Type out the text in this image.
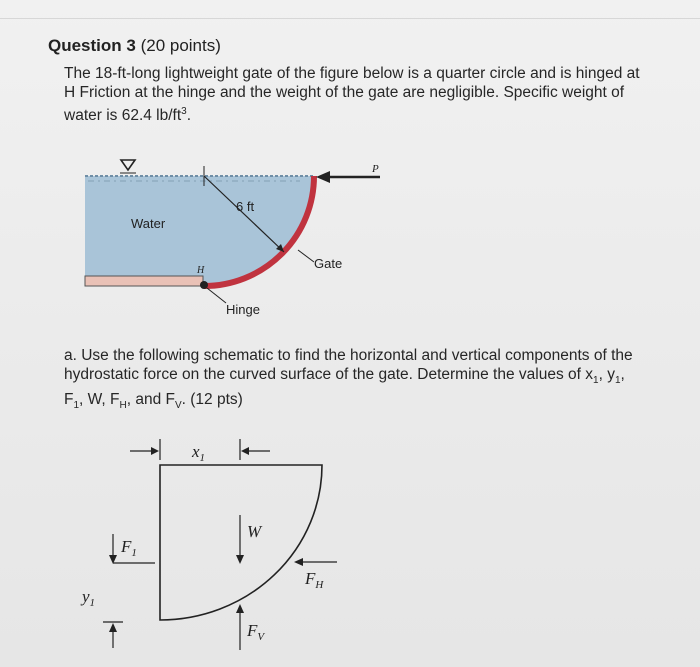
Question 3 (20 points)
The 18-ft-long lightweight gate of the figure below is a quarter circle and is hinged at
H Friction at the hinge and the weight of the gate are negligible. Specific weight of
water is 62.4 $lb/ft^3$.
Water
6 ft
Gate
Hinge
H
P
a. Use the following schematic to find the horizontal and vertical components of the
hydrostatic force on the curved surface of the gate. Determine the values of $x_1$, $y_1$,
$F_1$, W, $F_H$, and $F_V$. (12 pts)
$x_1$
$y_1$
$F_1$
W
$F_H$
$F_V$
